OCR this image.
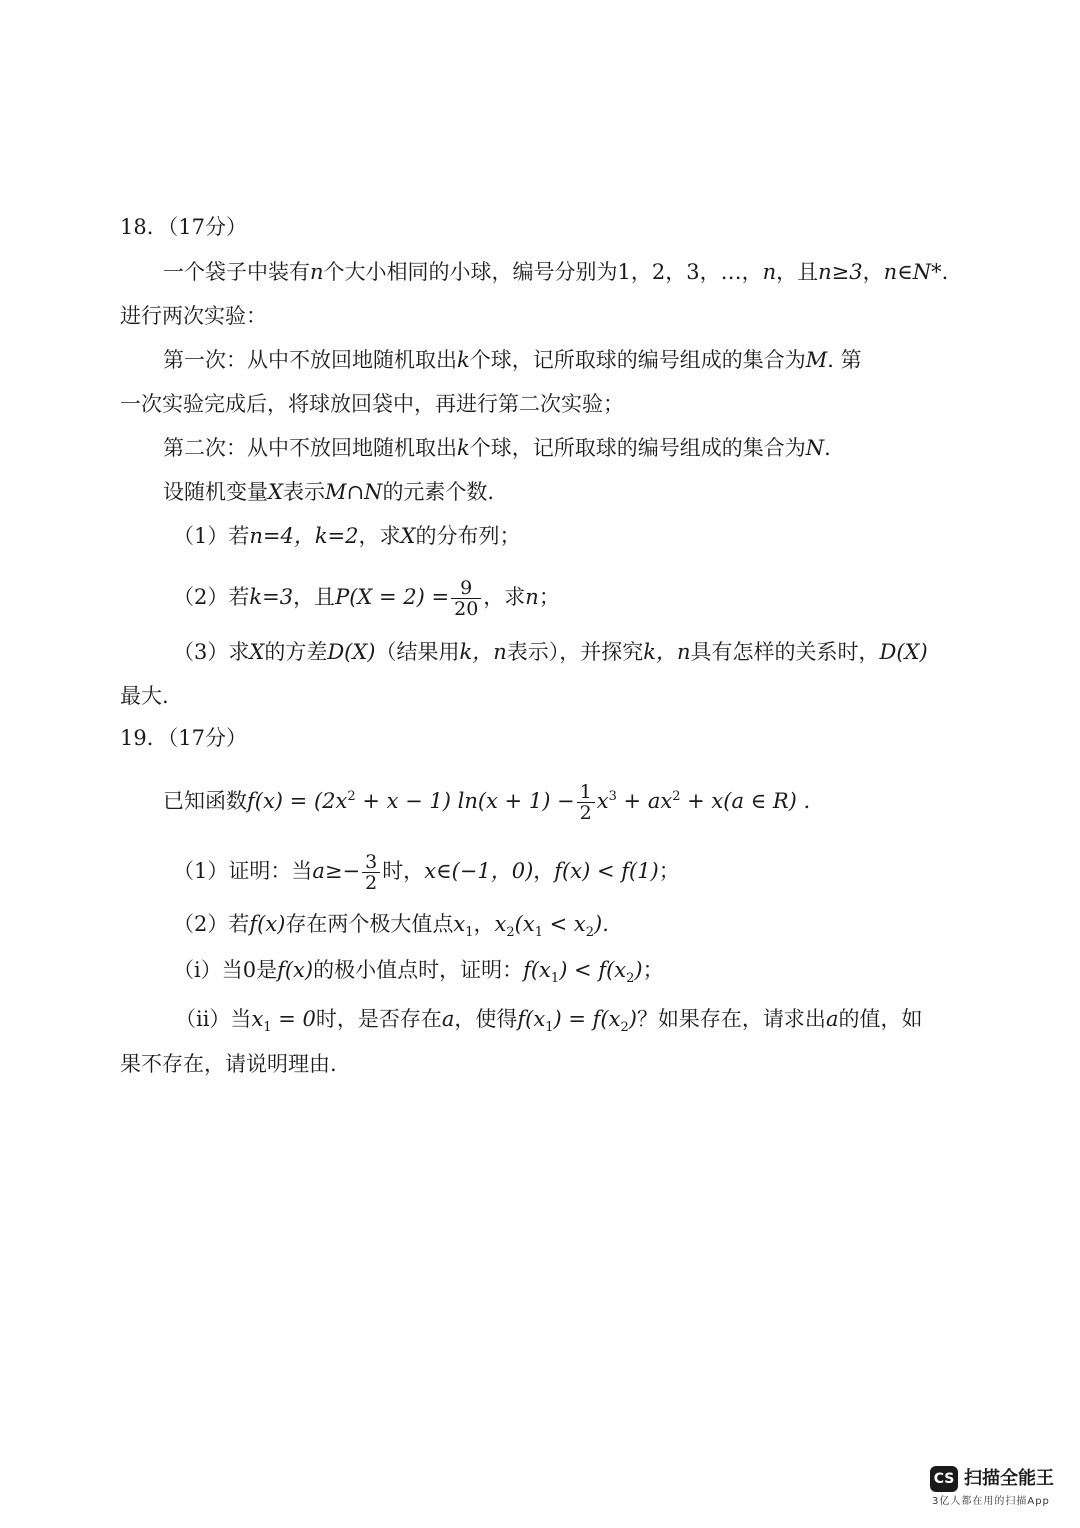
18．（17分）
一个袋子中装有n个大小相同的小球，编号分别为1，2，3，…，n，且n≥3，n∈N*.
进行两次实验：
第一次：从中不放回地随机取出k个球，记所取球的编号组成的集合为M. 第
一次实验完成后，将球放回袋中，再进行第二次实验；
第二次：从中不放回地随机取出k个球，记所取球的编号组成的集合为N.
设随机变量X表示M∩N的元素个数.
（1）若n=4，k=2，求X的分布列；
（2）若k=3，且$P(X = 2) = \frac{9}{20}$ ，求n；
（3）求X的方差D(X)（结果用k，n表示），并探究k，n具有怎样的关系时，D(X)
最大.
19．（17分）
已知函数$f(x) = (2x^2 + x - 1) \ln(x + 1) - \frac{1}{2} x^3 + ax^2 + x(a$ ∈ R) .
（1）证明：当$a\ge- \frac{3}{2}$ 时，x∈(−1，0)，f(x) < f(1)；
（2）若f(x)存在两个极大值点$x_1$，$x_2(x_1 < x_2)$.
（i）当0是f(x)的极小值点时，证明：$f(x_1) < f(x_2)$；
（ii）当$x_1 = 0$时，是否存在a，使得$f(x_1) = f(x_2)$？如果存在，请求出a的值，如
果不存在，请说明理由.
CS 扫描全能王
3亿人都在用的扫描App
